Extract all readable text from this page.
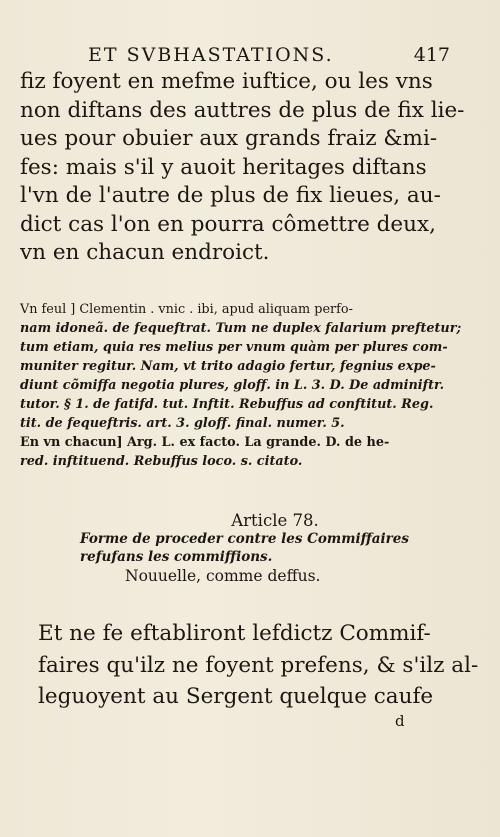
ET SVBHASTATIONS.	417
fiz foyent en mefme iuftice, ou les vns
non diftans des auttres de plus de fix lie-
ues pour obuier aux grands fraiz &mi-
fes: mais s'il y auoit heritages diftans
l'vn de l'autre de plus de fix lieues, au-
dict cas l'on en pourra cômettre deux,
vn en chacun endroict.
Vn feul ] Clementin . vnic . ibi, apud aliquam perfo-
nam idoneã. de fequeftrat. Tum ne duplex falarium preftetur;
tum etiam, quia res melius per vnum quàm per plures com-
muniter regitur. Nam, vt trito adagio fertur, fegnius expe-
diunt cõmiffa negotia plures, gloff. in L. 3. D. De adminiftr.
tutor. § 1. de fatifd. tut. Inftit. Rebuffus ad conftitut. Reg.
tit. de fequeftris. art. 3. gloff. final. numer. 5.
En vn chacun] Arg. L. ex facto. La grande. D. de he-
red. inftituend. Rebuffus loco. s. citato.
Article 78.
Forme de proceder contre les Commiffaires
refufans les commiffions.
Nouuelle, comme deffus.
Et ne fe eftabliront lefdictz Commif-
faires qu'ilz ne foyent prefens, & s'ilz al-
leguoyent au Sergent quelque caufe
d
